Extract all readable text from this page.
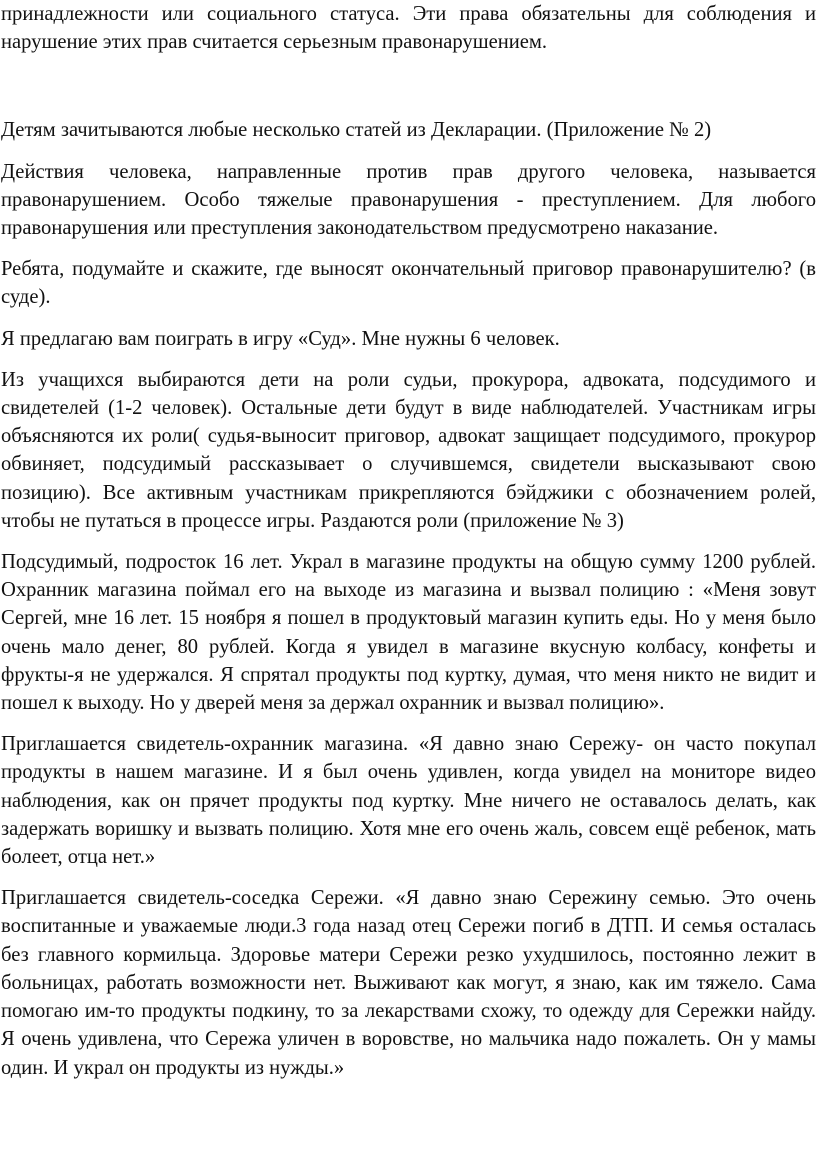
принадлежности или социального статуса. Эти права обязательны для соблюдения и нарушение этих прав считается серьезным правонарушением.

Детям зачитываются любые несколько статей из Декларации. (Приложение № 2)

Действия человека, направленные против прав другого человека, называется правонарушением. Особо тяжелые правонарушения - преступлением. Для любого правонарушения или преступления законодательством предусмотрено наказание.

Ребята, подумайте и скажите, где выносят окончательный приговор правонарушителю? (в суде).

Я предлагаю вам поиграть в игру «Суд». Мне нужны 6 человек.

Из учащихся выбираются дети на роли судьи, прокурора, адвоката, подсудимого и свидетелей (1-2 человек). Остальные дети будут в виде наблюдателей. Участникам игры объясняются их роли( судья-выносит приговор, адвокат защищает подсудимого, прокурор обвиняет, подсудимый рассказывает о случившемся, свидетели высказывают свою позицию). Все активным участникам прикрепляются бэйджики с обозначением ролей, чтобы не путаться в процессе игры. Раздаются роли (приложение № 3)

Подсудимый, подросток 16 лет. Украл в магазине продукты на общую сумму 1200 рублей. Охранник магазина поймал его на выходе из магазина и вызвал полицию : «Меня зовут Сергей, мне 16 лет. 15 ноября я пошел в продуктовый магазин купить еды. Но у меня было очень мало денег, 80 рублей. Когда я увидел в магазине вкусную колбасу, конфеты и фрукты-я не удержался. Я спрятал продукты под куртку, думая, что меня никто не видит и пошел к выходу. Но у дверей меня за держал охранник и вызвал полицию».

Приглашается свидетель-охранник магазина. «Я давно знаю Сережу- он часто покупал продукты в нашем магазине. И я был очень удивлен, когда увидел на мониторе видео наблюдения, как он прячет продукты под куртку. Мне ничего не оставалось делать, как задержать воришку и вызвать полицию. Хотя мне его очень жаль, совсем ещё ребенок, мать болеет, отца нет.»

Приглашается свидетель-соседка Сережи. «Я давно знаю Сережину семью. Это очень воспитанные и уважаемые люди.3 года назад отец Сережи погиб в ДТП. И семья осталась без главного кормильца. Здоровье матери Сережи резко ухудшилось, постоянно лежит в больницах, работать возможности нет. Выживают как могут, я знаю, как им тяжело. Сама помогаю им-то продукты подкину, то за лекарствами схожу, то одежду для Сережки найду. Я очень удивлена, что Сережа уличен в воровстве, но мальчика надо пожалеть. Он у мамы один. И украл он продукты из нужды.»
